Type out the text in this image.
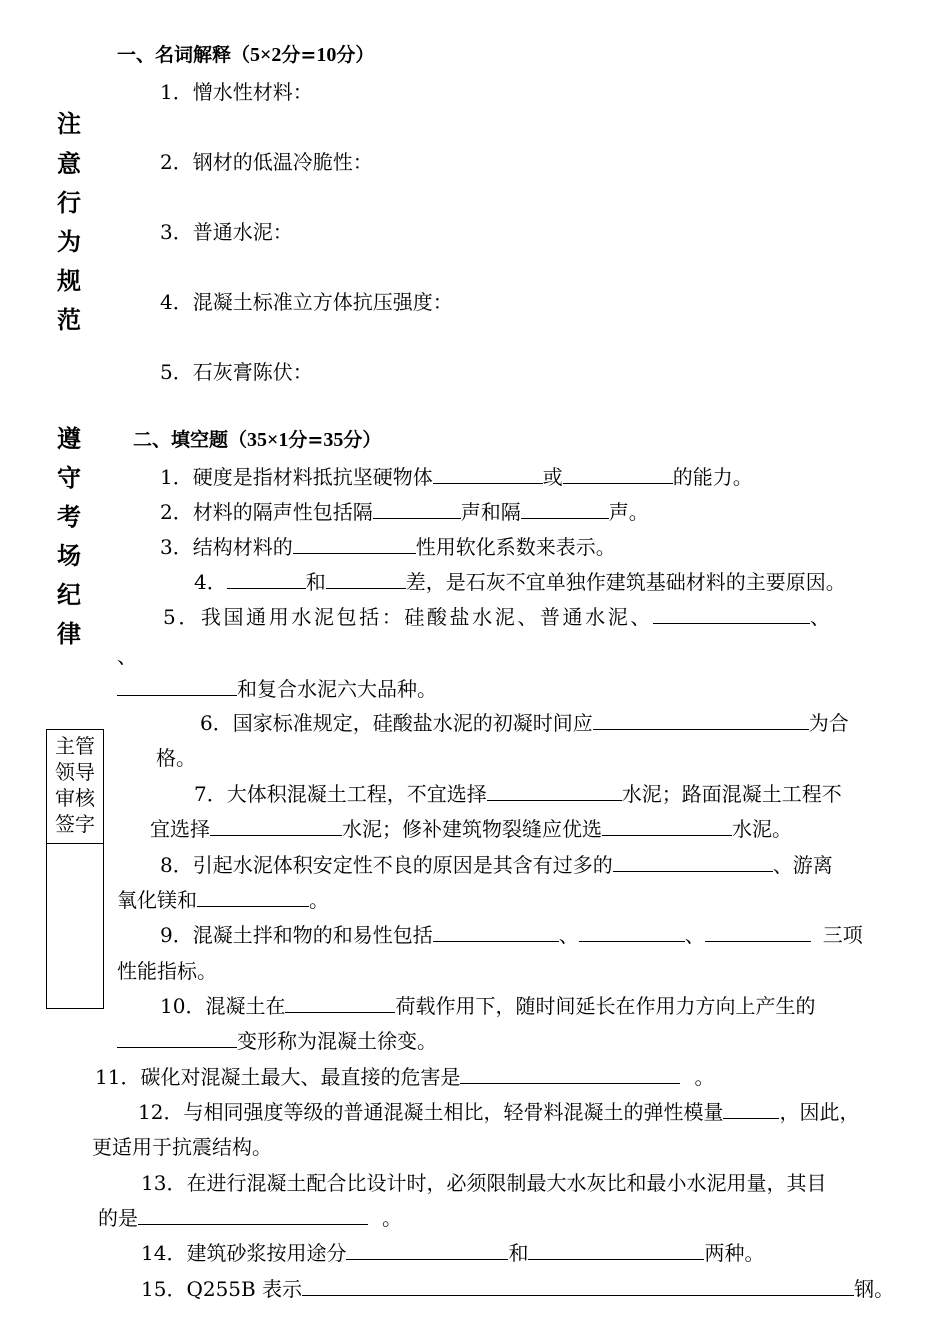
注
意
行
为
规
范
遵
守
考
场
纪
律
主管
领导
审核
签字
一、名词解释（5×2分=10分）
1．憎水性材料：
2．钢材的低温冷脆性：
3．普通水泥：
4．混凝土标准立方体抗压强度：
5．石灰膏陈伏：
二、填空题（35×1分=35分）
1．硬度是指材料抵抗坚硬物体	或	的能力。
2．材料的隔声性包括隔	声和隔	声。
3．结构材料的	性用软化系数来表示。
4．	和	差，是石灰不宜单独作建筑基础材料的主要原因。
5．我国通用水泥包括：硅酸盐水泥、普通水泥、	、
、
和复合水泥六大品种。
6．国家标准规定，硅酸盐水泥的初凝时间应	为合
格。
7．大体积混凝土工程，不宜选择	水泥；路面混凝土工程不
宜选择	水泥；修补建筑物裂缝应优选	水泥。
8．引起水泥体积安定性不良的原因是其含有过多的	、游离
氧化镁和	。
9．混凝土拌和物的和易性包括	、	、	三项
性能指标。
10．混凝土在	荷载作用下，随时间延长在作用力方向上产生的
变形称为混凝土徐变。
11．碳化对混凝土最大、最直接的危害是	。
12．与相同强度等级的普通混凝土相比，轻骨料混凝土的弹性模量	，因此，
更适用于抗震结构。
13．在进行混凝土配合比设计时，必须限制最大水灰比和最小水泥用量，其目
的是	。
14．建筑砂浆按用途分	和	两种。
15．Q255B 表示	钢。
